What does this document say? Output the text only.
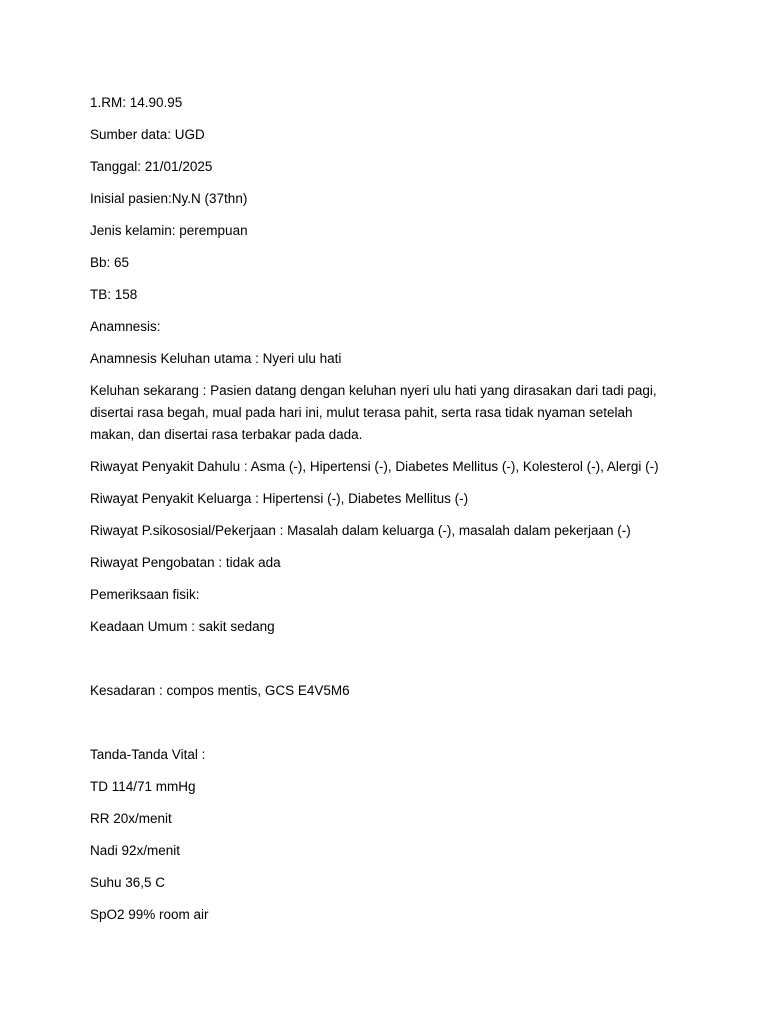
1.RM: 14.90.95

Sumber data: UGD

Tanggal: 21/01/2025

Inisial pasien:Ny.N (37thn)

Jenis kelamin: perempuan

Bb: 65

TB: 158

Anamnesis:

Anamnesis Keluhan utama : Nyeri ulu hati

Keluhan sekarang : Pasien datang dengan keluhan nyeri ulu hati yang dirasakan dari tadi pagi, disertai rasa begah, mual pada hari ini, mulut terasa pahit, serta rasa tidak nyaman setelah makan, dan disertai rasa terbakar pada dada.

Riwayat Penyakit Dahulu : Asma (-), Hipertensi (-), Diabetes Mellitus (-), Kolesterol (-), Alergi (-)

Riwayat Penyakit Keluarga : Hipertensi (-), Diabetes Mellitus (-)

Riwayat P.sikososial/Pekerjaan : Masalah dalam keluarga (-), masalah dalam pekerjaan (-)

Riwayat Pengobatan : tidak ada

Pemeriksaan fisik:

Keadaan Umum : sakit sedang

Kesadaran : compos mentis, GCS E4V5M6

Tanda-Tanda Vital :

TD 114/71 mmHg

RR 20x/menit

Nadi 92x/menit

Suhu 36,5 C

SpO2 99% room air
